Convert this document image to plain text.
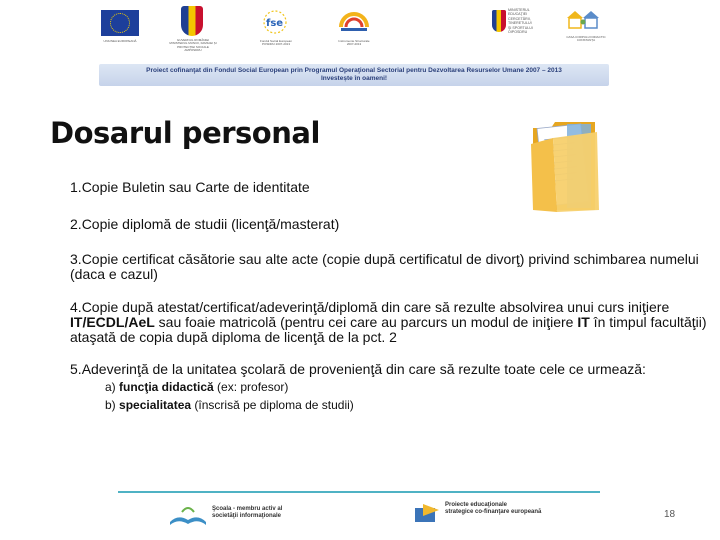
UNIUNEA EUROPEANĂ	GUVERNUL ROMÂNIEI
MINISTERUL MUNCII, FAMILIEI ŞI
PROTECŢIEI SOCIALE
AMPOSDRU
fse
Fondul Social European
POSDRU 2007-2013
Instrumente Structurale
2007-2013
MINISTERUL
EDUCAŢIEI
CERCETĂRII,
TINERETULUI
ŞI SPORTULUI
OIPOSDRU
CASA CORPULUI DIDACTIC
CONSTANŢA
Proiect cofinanţat din Fondul Social European prin Programul Operaţional Sectorial pentru Dezvoltarea Resurselor Umane 2007 – 2013
Investește în oameni!
Dosarul personal
1.Copie Buletin sau Carte de identitate
2.Copie diplomă de studii (licenţă/masterat)
3.Copie certificat căsătorie sau alte acte (copie după certificatul de divorţ) privind schimbarea numelui (daca e cazul)
4.Copie după atestat/certificat/adeverinţă/diplomă din care să rezulte absolvirea unui curs iniţiere IT/ECDL/AeL sau foaie matricolă (pentru cei care au parcurs un modul de iniţiere IT în timpul facultăţii) ataşată de copia după diploma de licenţă de la pct. 2
5.Adeverinţă de la unitatea şcolară de provenienţă din care să rezulte toate cele ce urmează:
a) funcţia didactică (ex: profesor)
b) specialitatea (înscrisă pe diploma de studii)
Şcoala - membru activ al
societăţii informaţionale
Proiecte educaţionale
strategice co-finanţare europeană	18
